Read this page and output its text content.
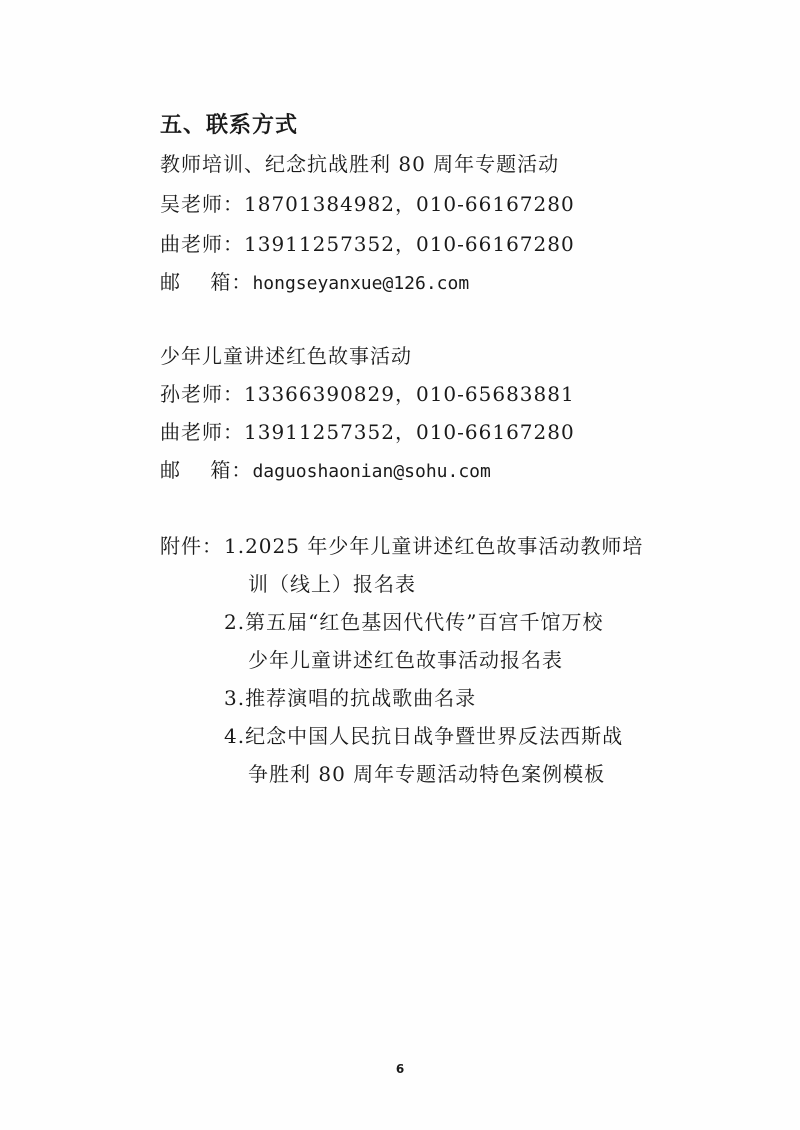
五、联系方式
教师培训、纪念抗战胜利 80 周年专题活动
吴老师：18701384982，010-66167280
曲老师：13911257352，010-66167280
邮    箱：hongseyanxue@126.com
少年儿童讲述红色故事活动
孙老师：13366390829，010-65683881
曲老师：13911257352，010-66167280
邮    箱：daguoshaonian@sohu.com
附件： 1.2025 年少年儿童讲述红色故事活动教师培
训（线上）报名表
2.第五届“红色基因代代传”百宫千馆万校
少年儿童讲述红色故事活动报名表
3.推荐演唱的抗战歌曲名录
4.纪念中国人民抗日战争暨世界反法西斯战
争胜利 80 周年专题活动特色案例模板
6
